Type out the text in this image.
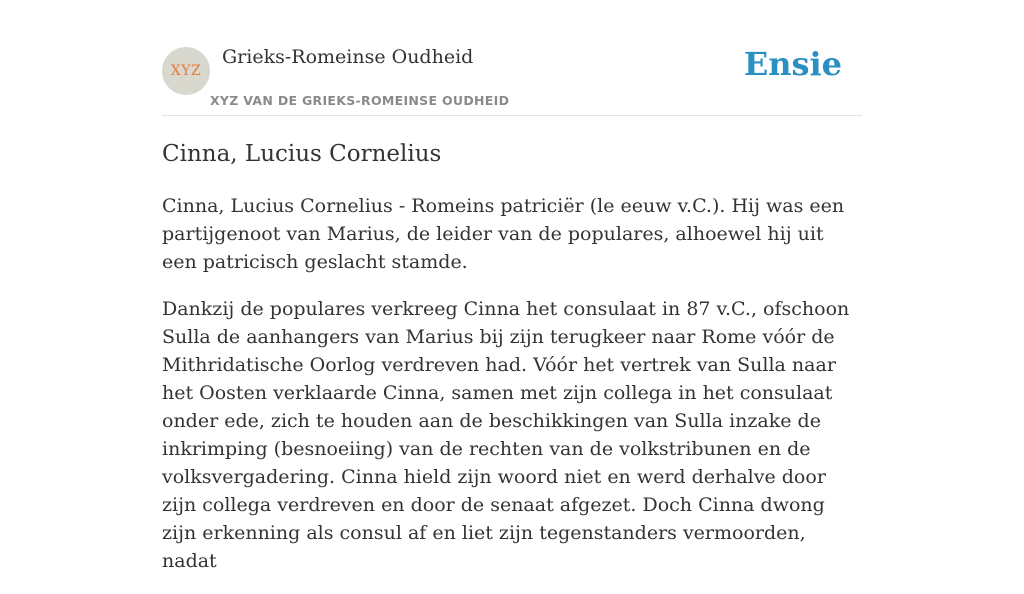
XYZ
Grieks-Romeinse Oudheid
XYZ VAN DE GRIEKS-ROMEINSE OUDHEID
Ensie
Cinna, Lucius Cornelius

Cinna, Lucius Cornelius - Romeins patriciër (le eeuw v.C.). Hij was een partijgenoot van Marius, de leider van de populares, alhoewel hij uit een patricisch geslacht stamde.

Dankzij de populares verkreeg Cinna het consulaat in 87 v.C., ofschoon Sulla de aanhangers van Marius bij zijn terugkeer naar Rome vóór de Mithridatische Oorlog verdreven had. Vóór het vertrek van Sulla naar het Oosten verklaarde Cinna, samen met zijn collega in het consulaat onder ede, zich te houden aan de beschikkingen van Sulla inzake de inkrimping (besnoeiing) van de rechten van de volkstribunen en de volksvergadering. Cinna hield zijn woord niet en werd derhalve door zijn collega verdreven en door de senaat afgezet. Doch Cinna dwong zijn erkenning als consul af en liet zijn tegenstanders vermoorden, nadat
